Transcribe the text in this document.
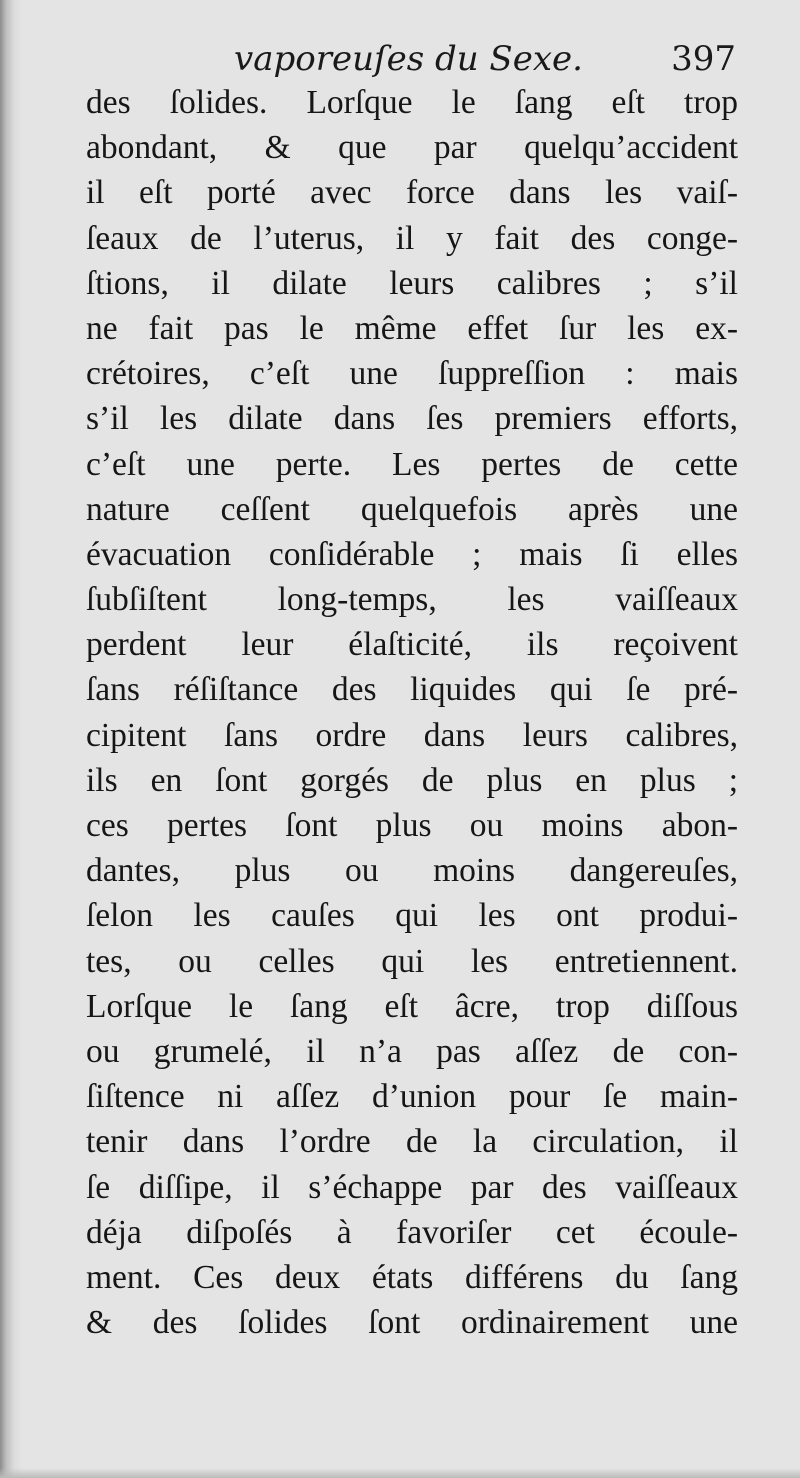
vaporeuſes du Sexe.	397
des ſolides. Lorſque le ſang eſt trop
abondant, & que par quelqu’accident
il eſt porté avec force dans les vaiſ-
ſeaux de l’uterus, il y fait des conge-
ſtions, il dilate leurs calibres ; s’il
ne fait pas le même effet ſur les ex-
crétoires, c’eſt une ſuppreſſion : mais
s’il les dilate dans ſes premiers efforts,
c’eſt une perte. Les pertes de cette
nature ceſſent quelquefois après une
évacuation conſidérable ; mais ſi elles
ſubſiſtent long-temps, les vaiſſeaux
perdent leur élaſticité, ils reçoivent
ſans réſiſtance des liquides qui ſe pré-
cipitent ſans ordre dans leurs calibres,
ils en ſont gorgés de plus en plus ;
ces pertes ſont plus ou moins abon-
dantes, plus ou moins dangereuſes,
ſelon les cauſes qui les ont produi-
tes, ou celles qui les entretiennent.
Lorſque le ſang eſt âcre, trop diſſous
ou grumelé, il n’a pas aſſez de con-
ſiſtence ni aſſez d’union pour ſe main-
tenir dans l’ordre de la circulation, il
ſe diſſipe, il s’échappe par des vaiſſeaux
déja diſpoſés à favoriſer cet écoule-
ment. Ces deux états différens du ſang
& des ſolides ſont ordinairement une
